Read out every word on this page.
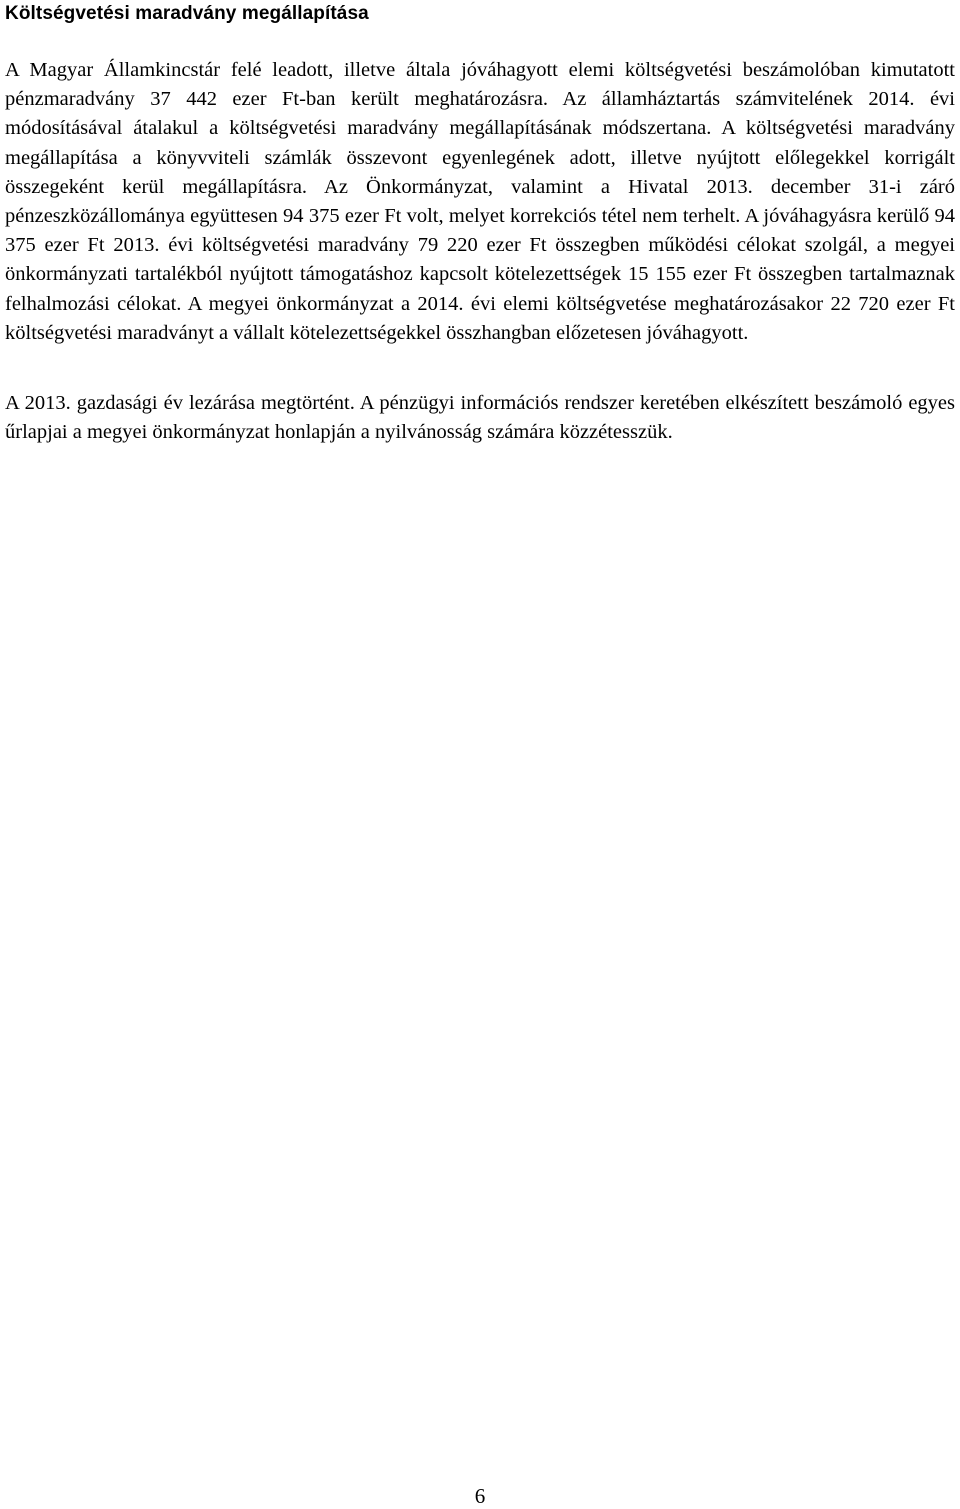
Költségvetési maradvány megállapítása

A Magyar Államkincstár felé leadott, illetve általa jóváhagyott elemi költségvetési beszámolóban kimutatott pénzmaradvány 37 442 ezer Ft-ban került meghatározásra. Az államháztartás számvitelének 2014. évi módosításával átalakul a költségvetési maradvány megállapításának módszertana. A költségvetési maradvány megállapítása a könyvviteli számlák összevont egyenlegének adott, illetve nyújtott előlegekkel korrigált összegeként kerül megállapításra. Az Önkormányzat, valamint a Hivatal 2013. december 31-i záró pénzeszközállománya együttesen 94 375 ezer Ft volt, melyet korrekciós tétel nem terhelt. A jóváhagyásra kerülő 94 375 ezer Ft 2013. évi költségvetési maradvány 79 220 ezer Ft összegben működési célokat szolgál, a megyei önkormányzati tartalékból nyújtott támogatáshoz kapcsolt kötelezettségek 15 155 ezer Ft összegben tartalmaznak felhalmozási célokat. A megyei önkormányzat a 2014. évi elemi költségvetése meghatározásakor 22 720 ezer Ft költségvetési maradványt a vállalt kötelezettségekkel összhangban előzetesen jóváhagyott.

A 2013. gazdasági év lezárása megtörtént. A pénzügyi információs rendszer keretében elkészített beszámoló egyes űrlapjai a megyei önkormányzat honlapján a nyilvánosság számára közzétesszük.

6
